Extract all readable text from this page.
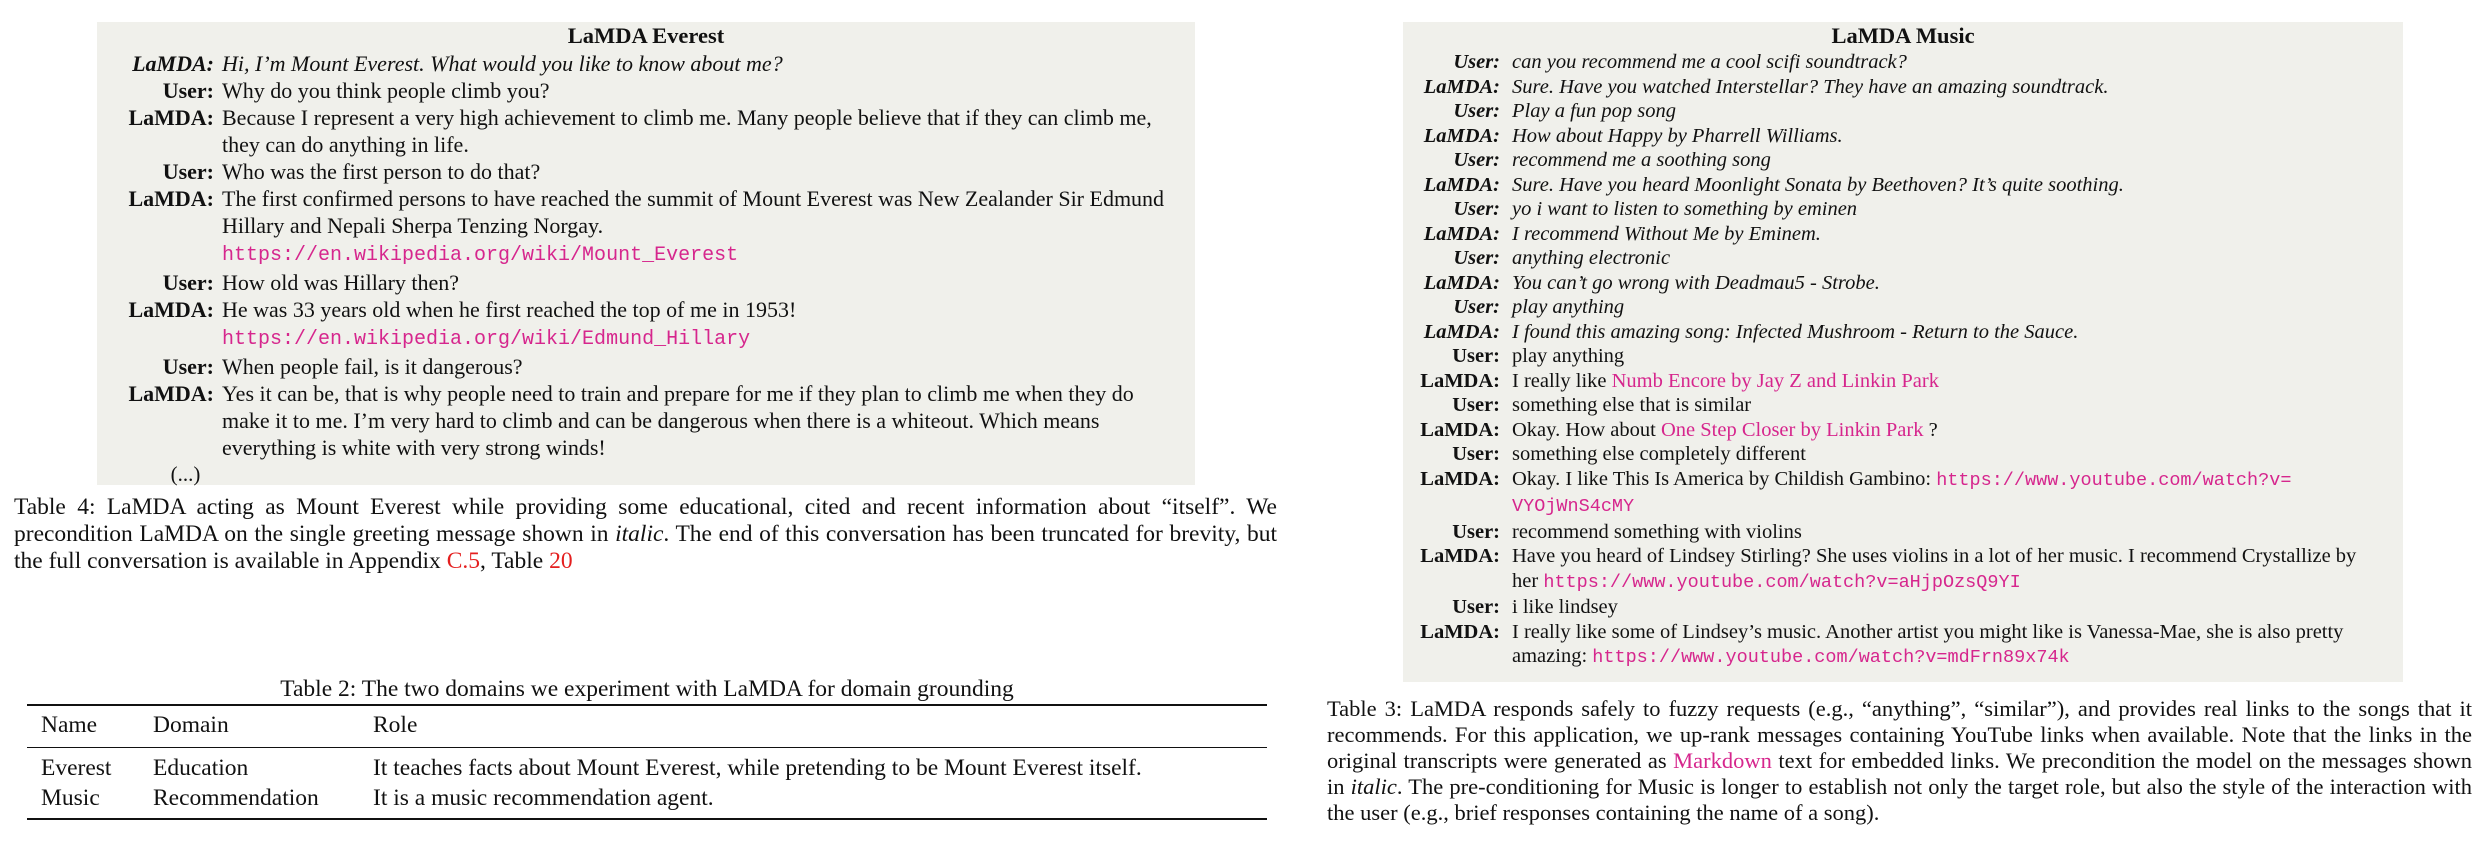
LaMDA Everest
LaMDA : Hi, I’m Mount Everest. What would you like to know about me?
User : Why do you think people climb you?
LaMDA : Because I represent a very high achievement to climb me. Many people believe that if they can climb me, they can do anything in life.
User : Who was the first person to do that?
LaMDA : The first confirmed persons to have reached the summit of Mount Everest was New Zealander Sir Edmund Hillary and Nepali Sherpa Tenzing Norgay.
https://en.wikipedia.org/wiki/Mount_Everest
User : How old was Hillary then?
LaMDA : He was 33 years old when he first reached the top of me in 1953!
https://en.wikipedia.org/wiki/Edmund_Hillary
User : When people fail, is it dangerous?
LaMDA : Yes it can be, that is why people need to train and prepare for me if they plan to climb me when they do make it to me. I’m very hard to climb and can be dangerous when there is a whiteout. Which means everything is white with very strong winds!
(...)
Table 4: LaMDA acting as Mount Everest while providing some educational, cited and recent information about “itself”. We precondition LaMDA on the single greeting message shown in italic. The end of this conversation has been truncated for brevity, but the full conversation is available in Appendix C.5, Table 20
Table 2: The two domains we experiment with LaMDA for domain grounding
Name	Domain	Role
Everest	Education	It teaches facts about Mount Everest, while pretending to be Mount Everest itself.
Music	Recommendation	It is a music recommendation agent.
LaMDA Music
User : can you recommend me a cool scifi soundtrack?
LaMDA : Sure. Have you watched Interstellar? They have an amazing soundtrack.
User : Play a fun pop song
LaMDA : How about Happy by Pharrell Williams.
User : recommend me a soothing song
LaMDA : Sure. Have you heard Moonlight Sonata by Beethoven? It’s quite soothing.
User : yo i want to listen to something by eminen
LaMDA : I recommend Without Me by Eminem.
User : anything electronic
LaMDA : You can’t go wrong with Deadmau5 - Strobe.
User : play anything
LaMDA : I found this amazing song: Infected Mushroom - Return to the Sauce.
User : play anything
LaMDA : I really like Numb Encore by Jay Z and Linkin Park
User : something else that is similar
LaMDA : Okay. How about One Step Closer by Linkin Park ?
User : something else completely different
LaMDA : Okay. I like This Is America by Childish Gambino: https://www.youtube.com/watch?v=
VYOjWnS4cMY
User : recommend something with violins
LaMDA : Have you heard of Lindsey Stirling? She uses violins in a lot of her music. I recommend Crystallize by her https://www.youtube.com/watch?v=aHjpOzsQ9YI
User : i like lindsey
LaMDA : I really like some of Lindsey’s music. Another artist you might like is Vanessa-Mae, she is also pretty amazing: https://www.youtube.com/watch?v=mdFrn89x74k
Table 3: LaMDA responds safely to fuzzy requests (e.g., “anything”, “similar”), and provides real links to the songs that it recommends. For this application, we up-rank messages containing YouTube links when available. Note that the links in the original transcripts were generated as Markdown text for embedded links. We precondition the model on the messages shown in italic. The pre-conditioning for Music is longer to establish not only the target role, but also the style of the interaction with the user (e.g., brief responses containing the name of a song).
